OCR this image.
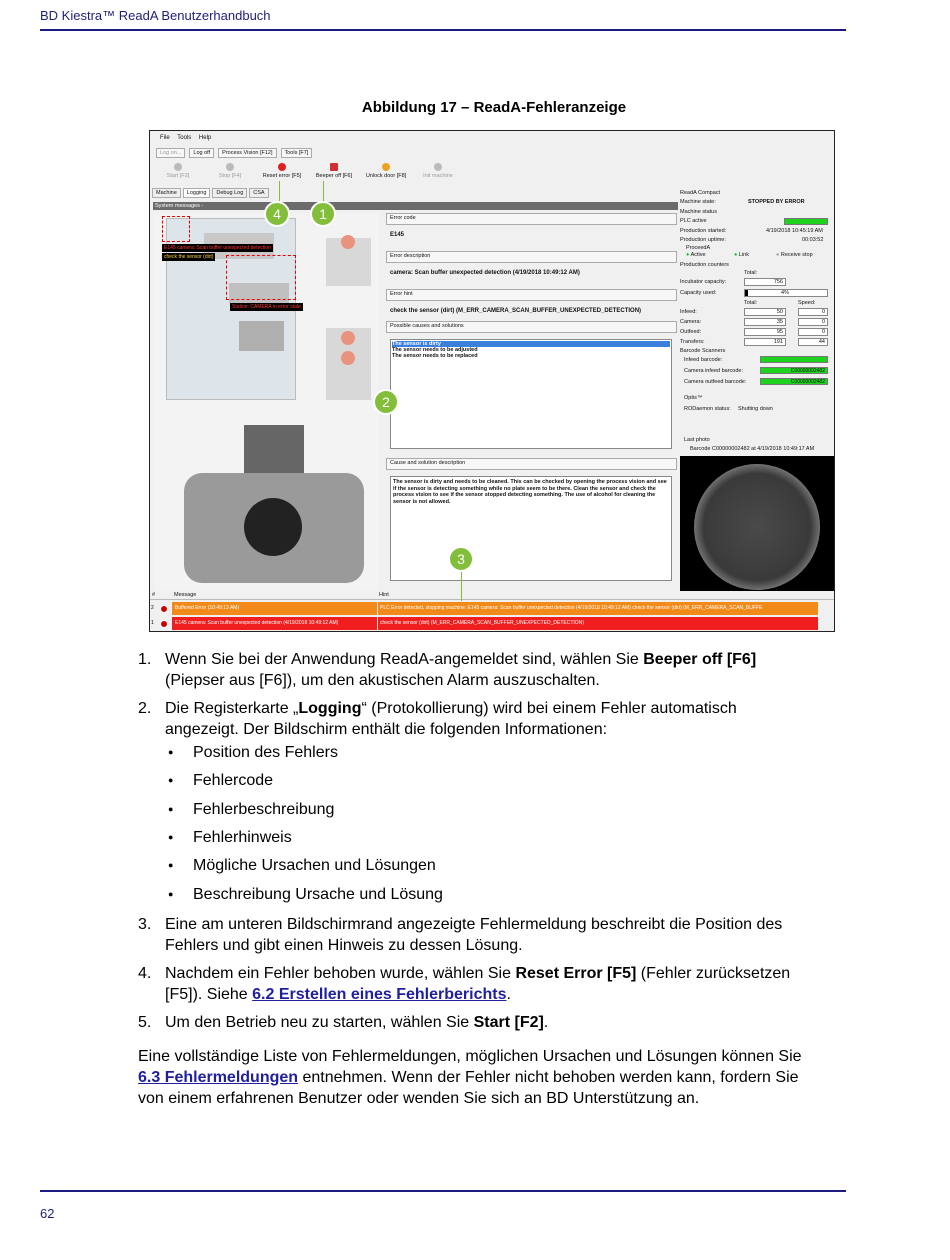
BD Kiestra™ ReadA Benutzerhandbuch
Abbildung 17 – ReadA-Fehleranzeige
File Tools Help
Log on...	Log off	Process Vision [F12]	Tools [F7]
Start [F2]	Stop [F4]	Reset error [F5]	Beeper off [F6] Unlock door [F8]	Init machine
Machine	Logging	Debug Log	CSA
System messages -
E145 camera: Scan buffer unexpected detection
check the sensor (dirt)
Station: CAMERA in error state
Error code
E145
Error description
camera: Scan buffer unexpected detection (4/19/2018 10:49:12 AM)
Error hint
check the sensor (dirt) (M_ERR_CAMERA_SCAN_BUFFER_UNEXPECTED_DETECTION)
Possible causes and solutions
The sensor is dirty
The sensor needs to be adjusted
The sensor needs to be replaced
Cause and solution description
The sensor is dirty and needs to be cleaned. This can be checked by opening the process vision and see if the sensor is detecting something while no plate seem to be there. Clean the sensor and check the process vision to see if the sensor stopped detecting something. The use of alcohol for cleaning the sensor is not allowed.
ReadA Compact
Machine state:	STOPPED BY ERROR
Machine status
PLC active
Production started:	4/19/2018 10:45:19 AM
Production uptime:	00:03:52
ProceedA
● Active	● Link	● Receive stop
Production counters
Total:
Incubator capacity:	756
Capacity used:	4%
Total:	Speed:
Infeed:	50	0
Camera:	35	0
Outfeed:	95	0
Transfers:	191	44
Barcode Scanners
Infeed barcode:
Camera infeed barcode:	C00000002482
Camera outfeed barcode:	C00000002482
Optis™
RODaemon status: Shutting down
Last photo
Barcode C00000002482 at 4/19/2018 10:49:17 AM
#	Message	Hint
2	Buffered Error (10:49:13 AM)	PLC Error detected, stopping machine: E145 camera: Scan buffer unexpected detection (4/19/2018 10:49:12 AM) check the sensor (dirt) (M_ERR_CAMERA_SCAN_BUFFE
1	E145 camera: Scan buffer unexpected detection (4/19/2018 10:49:12 AM)	check the sensor (dirt) (M_ERR_CAMERA_SCAN_BUFFER_UNEXPECTED_DETECTION)
1
2
3
4
1. Wenn Sie bei der Anwendung ReadA-angemeldet sind, wählen Sie Beeper off [F6]
(Piepser aus [F6]), um den akustischen Alarm auszuschalten.
2. Die Registerkarte „Logging“ (Protokollierung) wird bei einem Fehler automatisch
angezeigt. Der Bildschirm enthält die folgenden Informationen:
● Position des Fehlers
● Fehlercode
● Fehlerbeschreibung
● Fehlerhinweis
● Mögliche Ursachen und Lösungen
● Beschreibung Ursache und Lösung
3. Eine am unteren Bildschirmrand angezeigte Fehlermeldung beschreibt die Position des
Fehlers und gibt einen Hinweis zu dessen Lösung.
4. Nachdem ein Fehler behoben wurde, wählen Sie Reset Error [F5] (Fehler zurücksetzen
[F5]). Siehe 6.2 Erstellen eines Fehlerberichts.
5. Um den Betrieb neu zu starten, wählen Sie Start [F2].
Eine vollständige Liste von Fehlermeldungen, möglichen Ursachen und Lösungen können Sie
6.3 Fehlermeldungen entnehmen. Wenn der Fehler nicht behoben werden kann, fordern Sie
von einem erfahrenen Benutzer oder wenden Sie sich an BD Unterstützung an.
62
